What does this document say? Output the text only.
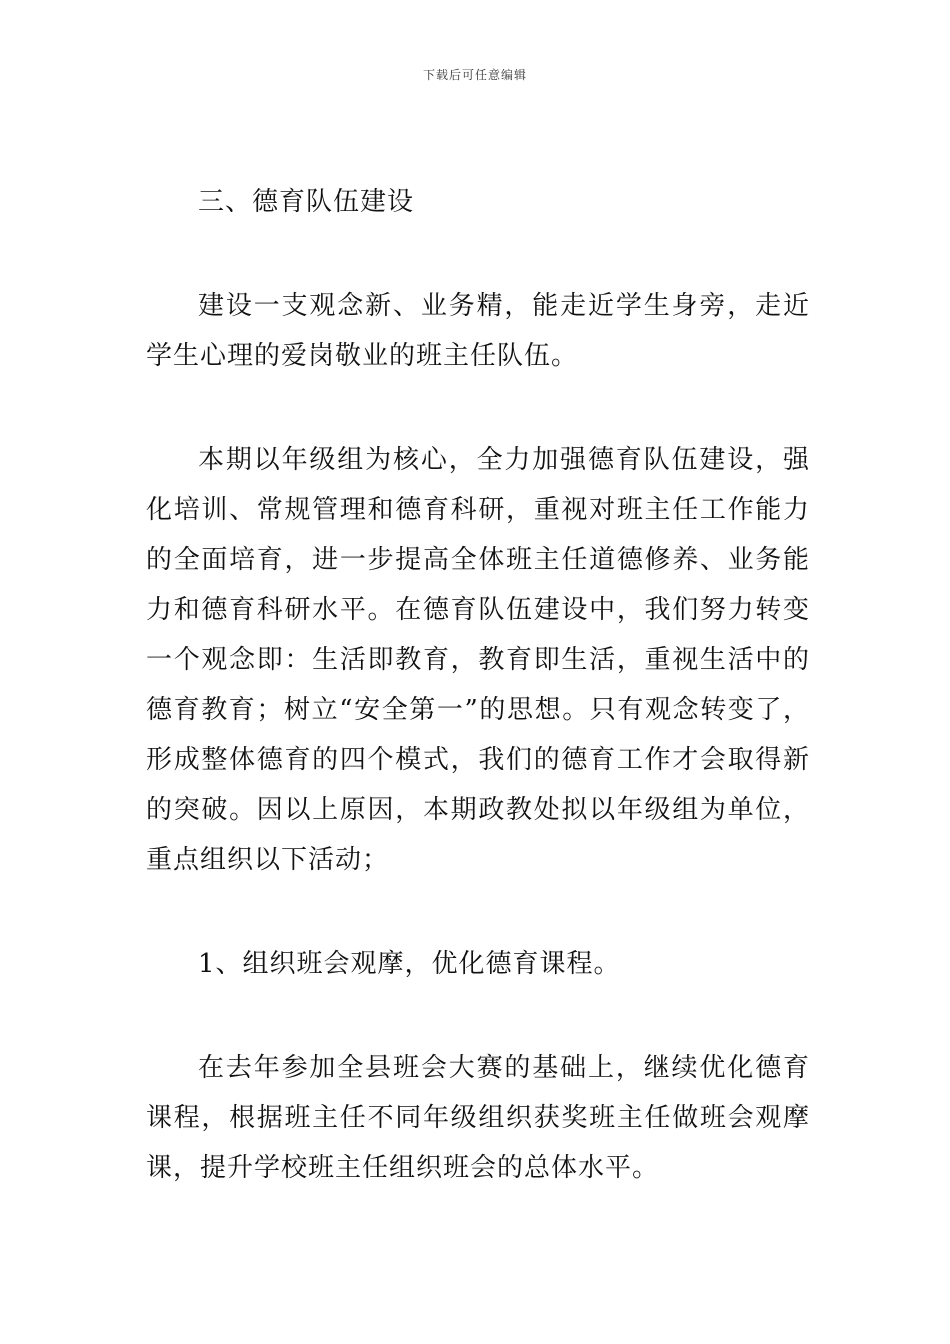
下载后可任意编辑

三、德育队伍建设

建设一支观念新、业务精，能走近学生身旁，走近学生心理的爱岗敬业的班主任队伍。

本期以年级组为核心，全力加强德育队伍建设，强化培训、常规管理和德育科研，重视对班主任工作能力的全面培育，进一步提高全体班主任道德修养、业务能力和德育科研水平。在德育队伍建设中，我们努力转变一个观念即：生活即教育，教育即生活，重视生活中的德育教育；树立“安全第一”的思想。只有观念转变了，形成整体德育的四个模式，我们的德育工作才会取得新的突破。因以上原因，本期政教处拟以年级组为单位，重点组织以下活动；

1、组织班会观摩，优化德育课程。

在去年参加全县班会大赛的基础上，继续优化德育课程，根据班主任不同年级组织获奖班主任做班会观摩课，提升学校班主任组织班会的总体水平。
